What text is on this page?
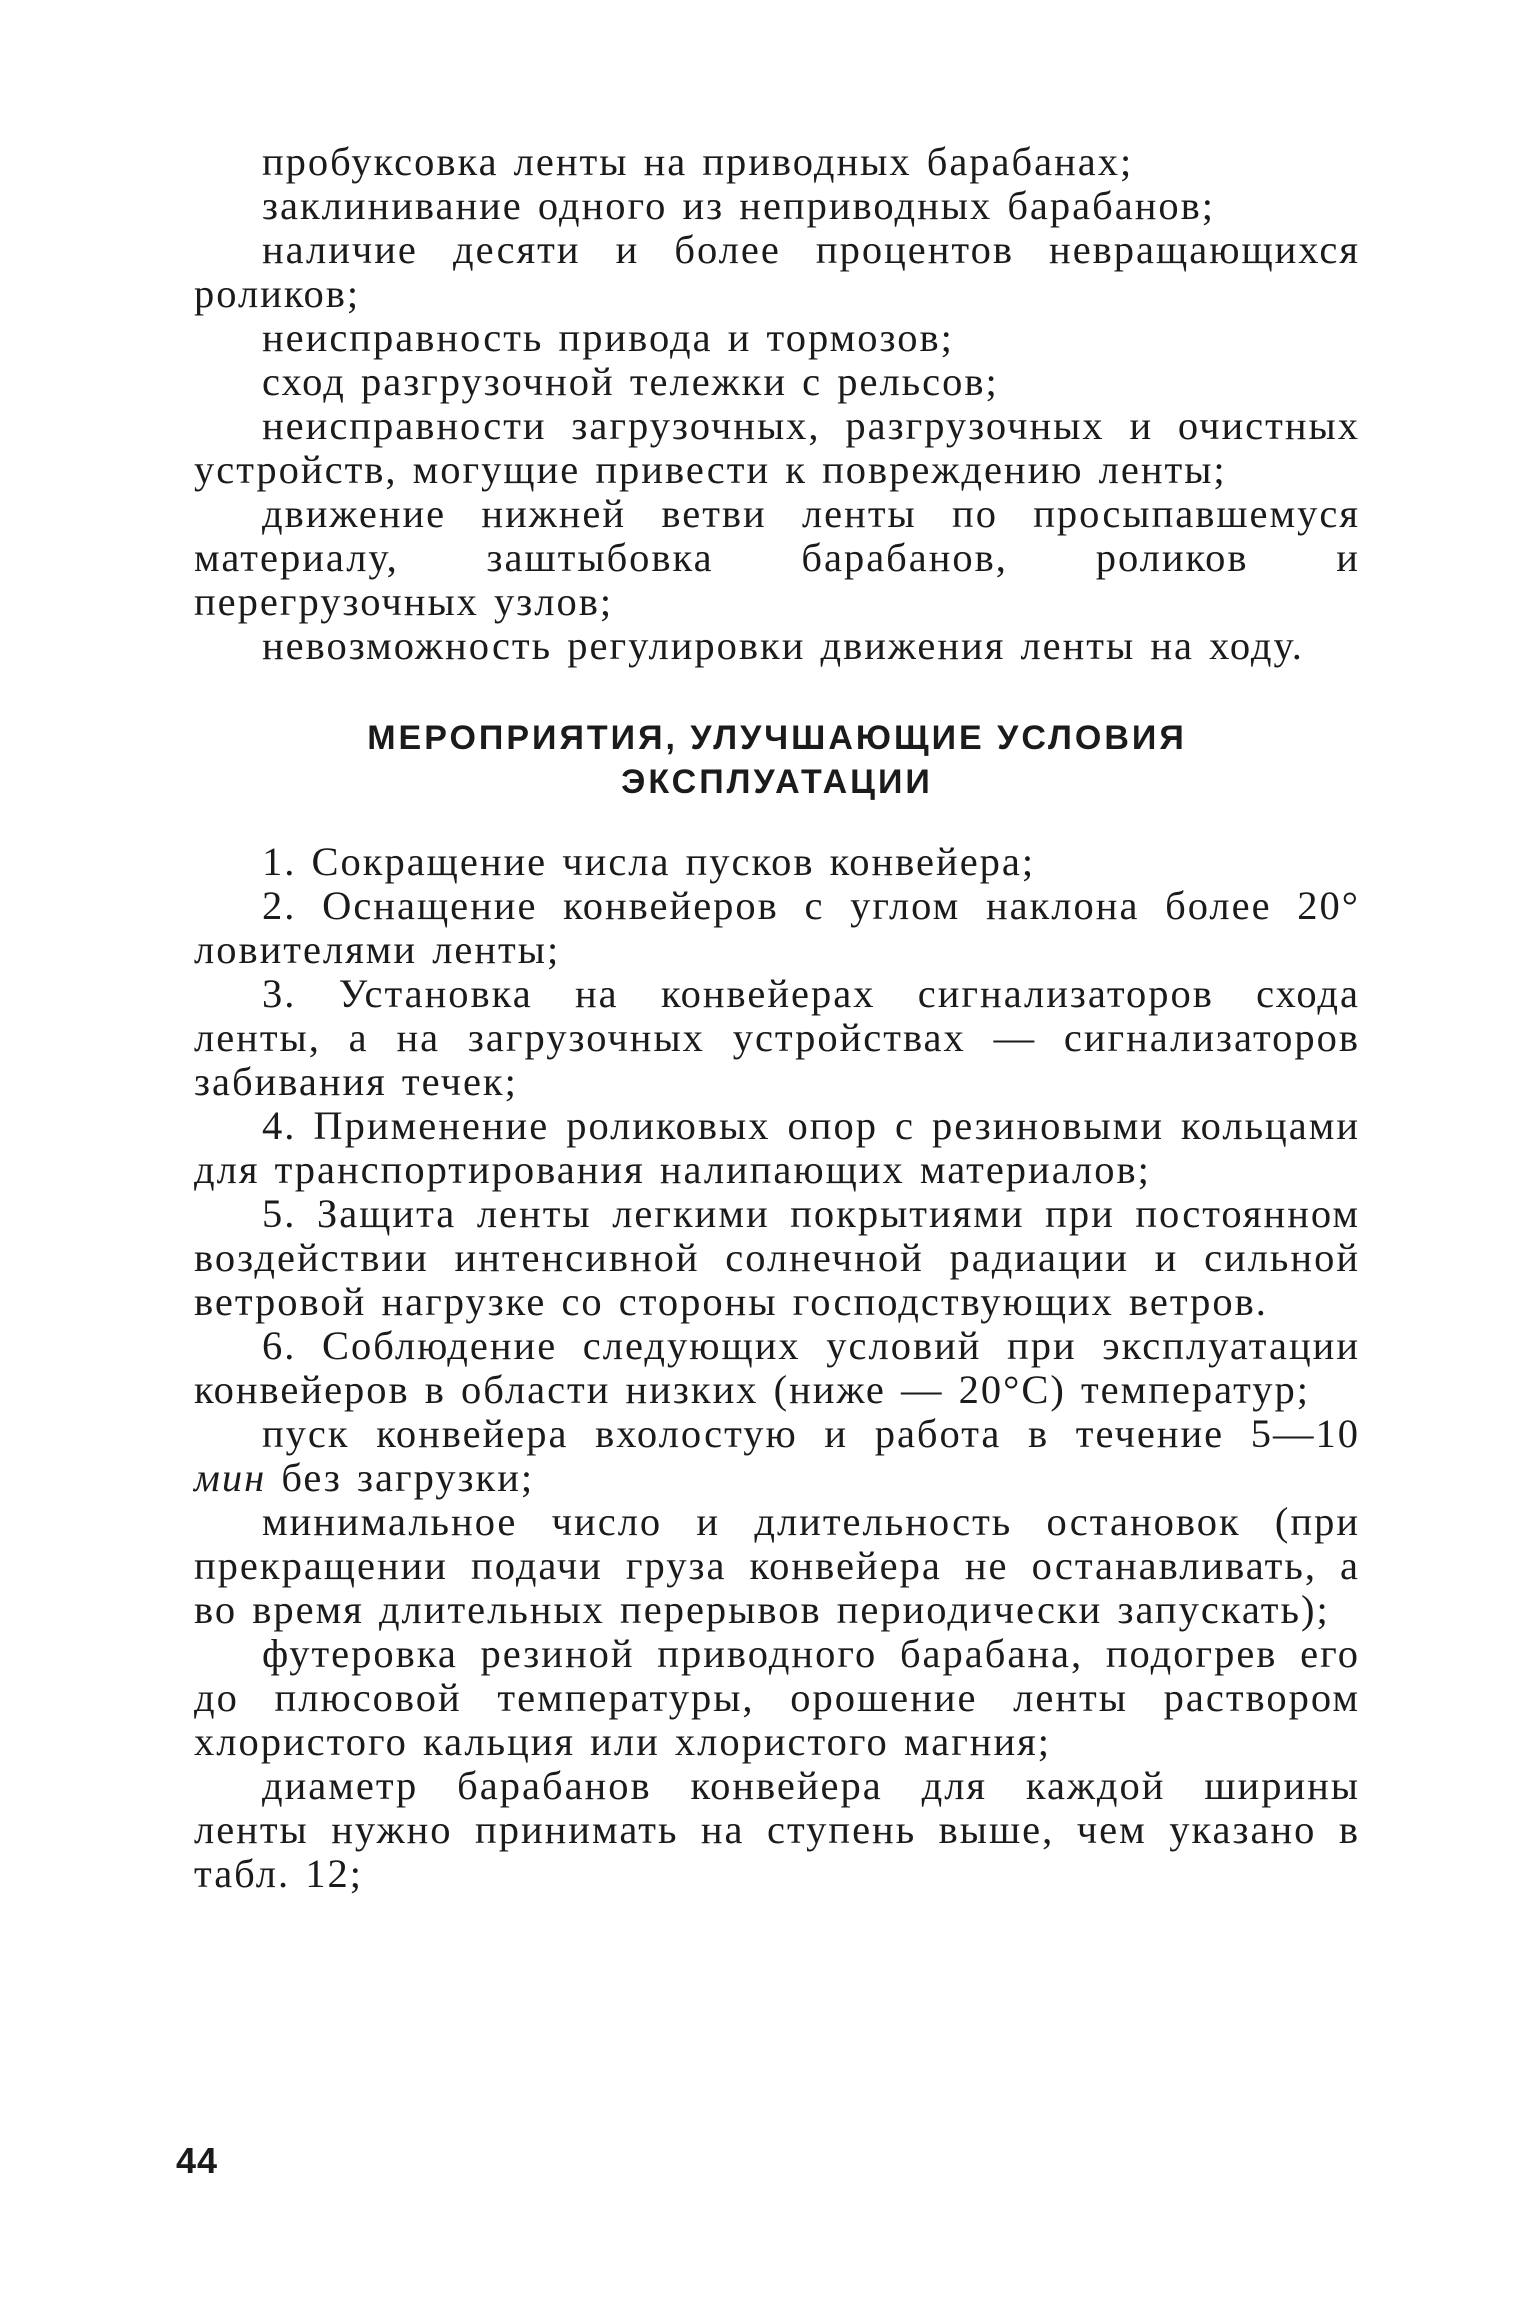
пробуксовка ленты на приводных барабанах;

заклинивание одного из неприводных барабанов;

наличие десяти и более процентов невращающихся роликов;

неисправность привода и тормозов;

сход разгрузочной тележки с рельсов;

неисправности загрузочных, разгрузочных и очистных устройств, могущие привести к повреждению ленты;

движение нижней ветви ленты по просыпавшемуся материалу, заштыбовка барабанов, роликов и перегрузочных узлов;

невозможность регулировки движения ленты на ходу.

МЕРОПРИЯТИЯ, УЛУЧШАЮЩИЕ УСЛОВИЯ
ЭКСПЛУАТАЦИИ

1. Сокращение числа пусков конвейера;

2. Оснащение конвейеров с углом наклона более 20° ловителями ленты;

3. Установка на конвейерах сигнализаторов схода ленты, а на загрузочных устройствах — сигнализаторов забивания течек;

4. Применение роликовых опор с резиновыми кольцами для транспортирования налипающих материалов;

5. Защита ленты легкими покрытиями при постоянном воздействии интенсивной солнечной радиации и сильной ветровой нагрузке со стороны господствующих ветров.

6. Соблюдение следующих условий при эксплуатации конвейеров в области низких (ниже — 20°С) температур;

пуск конвейера вхолостую и работа в течение 5—10 мин без загрузки;

минимальное число и длительность остановок (при прекращении подачи груза конвейера не останавливать, а во время длительных перерывов периодически запускать);

футеровка резиной приводного барабана, подогрев его до плюсовой температуры, орошение ленты раствором хлористого кальция или хлористого магния;

диаметр барабанов конвейера для каждой ширины ленты нужно принимать на ступень выше, чем указано в табл. 12;

44
